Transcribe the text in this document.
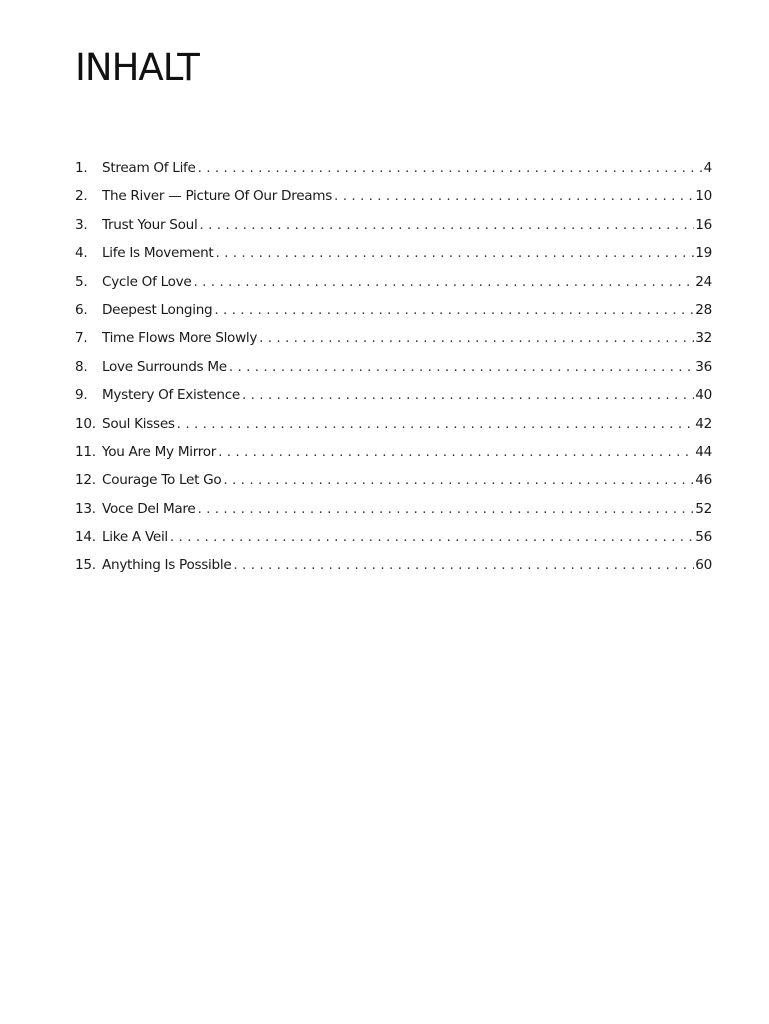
INHALT
1.	Stream Of Life . . .	4
2.	The River — Picture Of Our Dreams . . .	10
3.	Trust Your Soul . . .	16
4.	Life Is Movement . . .	19
5.	Cycle Of Love . . .	24
6.	Deepest Longing . . .	28
7.	Time Flows More Slowly . . .	32
8.	Love Surrounds Me . . .	36
9.	Mystery Of Existence . . .	40
10. Soul Kisses . . .	42
11. You Are My Mirror . . .	44
12. Courage To Let Go . . .	46
13. Voce Del Mare . . .	52
14. Like A Veil . . .	56
15. Anything Is Possible . . .	60
